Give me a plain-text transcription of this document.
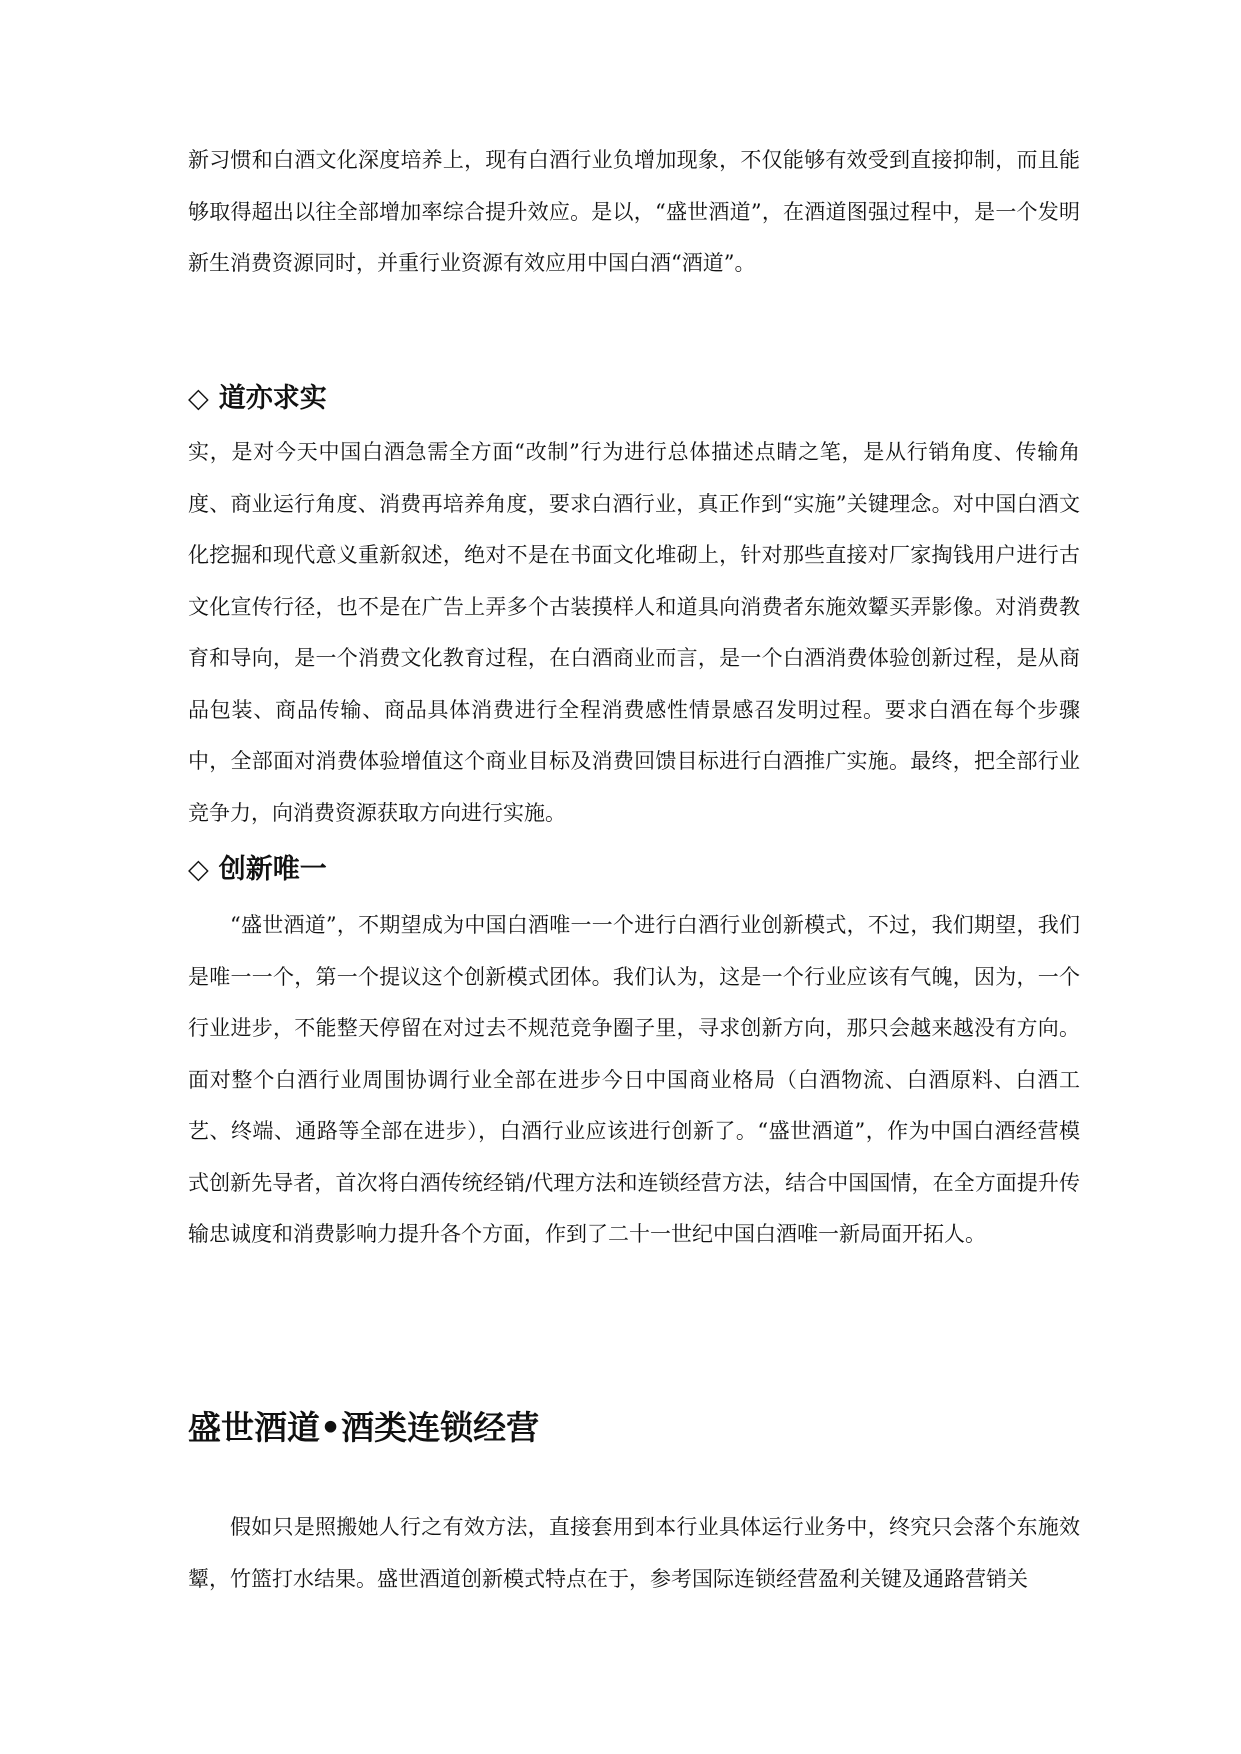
新习惯和白酒文化深度培养上，现有白酒行业负增加现象，不仅能够有效受到直接抑制，而且能够取得超出以往全部增加率综合提升效应。是以，“盛世酒道”，在酒道图强过程中，是一个发明新生消费资源同时，并重行业资源有效应用中国白酒“酒道”。

◇ 道亦求实

实，是对今天中国白酒急需全方面“改制”行为进行总体描述点睛之笔，是从行销角度、传输角度、商业运行角度、消费再培养角度，要求白酒行业，真正作到“实施”关键理念。对中国白酒文化挖掘和现代意义重新叙述，绝对不是在书面文化堆砌上，针对那些直接对厂家掏钱用户进行古文化宣传行径，也不是在广告上弄多个古装摸样人和道具向消费者东施效颦买弄影像。对消费教育和导向，是一个消费文化教育过程，在白酒商业而言，是一个白酒消费体验创新过程，是从商品包装、商品传输、商品具体消费进行全程消费感性情景感召发明过程。要求白酒在每个步骤中，全部面对消费体验增值这个商业目标及消费回馈目标进行白酒推广实施。最终，把全部行业竞争力，向消费资源获取方向进行实施。

◇ 创新唯一

“盛世酒道”，不期望成为中国白酒唯一一个进行白酒行业创新模式，不过，我们期望，我们是唯一一个，第一个提议这个创新模式团体。我们认为，这是一个行业应该有气魄，因为，一个行业进步，不能整天停留在对过去不规范竞争圈子里，寻求创新方向，那只会越来越没有方向。面对整个白酒行业周围协调行业全部在进步今日中国商业格局（白酒物流、白酒原料、白酒工艺、终端、通路等全部在进步），白酒行业应该进行创新了。“盛世酒道”，作为中国白酒经营模式创新先导者，首次将白酒传统经销/代理方法和连锁经营方法，结合中国国情，在全方面提升传输忠诚度和消费影响力提升各个方面，作到了二十一世纪中国白酒唯一新局面开拓人。

盛世酒道•酒类连锁经营

假如只是照搬她人行之有效方法，直接套用到本行业具体运行业务中，终究只会落个东施效颦，竹篮打水结果。盛世酒道创新模式特点在于，参考国际连锁经营盈利关键及通路营销关
